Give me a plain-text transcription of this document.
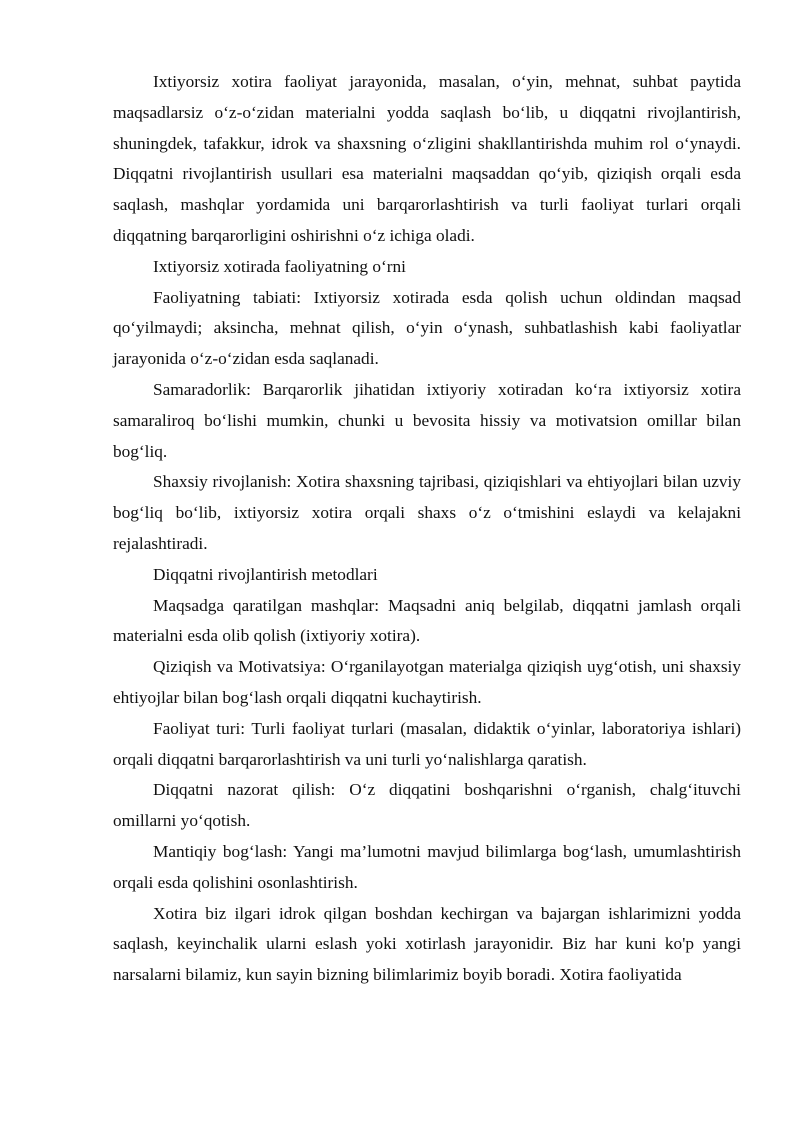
Ixtiyorsiz xotira faoliyat jarayonida, masalan, o‘yin, mehnat, suhbat paytida maqsadlarsiz o‘z-o‘zidan materialni yodda saqlash bo‘lib, u diqqatni rivojlantirish, shuningdek, tafakkur, idrok va shaxsning o‘zligini shakllantirishda muhim rol o‘ynaydi. Diqqatni rivojlantirish usullari esa materialni maqsaddan qo‘yib, qiziqish orqali esda saqlash, mashqlar yordamida uni barqarorlashtirish va turli faoliyat turlari orqali diqqatning barqarorligini oshirishni o‘z ichiga oladi.

Ixtiyorsiz xotirada faoliyatning o‘rni

Faoliyatning tabiati: Ixtiyorsiz xotirada esda qolish uchun oldindan maqsad qo‘yilmaydi; aksincha, mehnat qilish, o‘yin o‘ynash, suhbatlashish kabi faoliyatlar jarayonida o‘z-o‘zidan esda saqlanadi.

Samaradorlik: Barqarorlik jihatidan ixtiyoriy xotiradan ko‘ra ixtiyorsiz xotira samaraliroq bo‘lishi mumkin, chunki u bevosita hissiy va motivatsion omillar bilan bog‘liq.

Shaxsiy rivojlanish: Xotira shaxsning tajribasi, qiziqishlari va ehtiyojlari bilan uzviy bog‘liq bo‘lib, ixtiyorsiz xotira orqali shaxs o‘z o‘tmishini eslaydi va kelajakni rejalashtiradi.

Diqqatni rivojlantirish metodlari

Maqsadga qaratilgan mashqlar: Maqsadni aniq belgilab, diqqatni jamlash orqali materialni esda olib qolish (ixtiyoriy xotira).

Qiziqish va Motivatsiya: O‘rganilayotgan materialga qiziqish uyg‘otish, uni shaxsiy ehtiyojlar bilan bog‘lash orqali diqqatni kuchaytirish.

Faoliyat turi: Turli faoliyat turlari (masalan, didaktik o‘yinlar, laboratoriya ishlari) orqali diqqatni barqarorlashtirish va uni turli yo‘nalishlarga qaratish.

Diqqatni nazorat qilish: O‘z diqqatini boshqarishni o‘rganish, chalg‘ituvchi omillarni yo‘qotish.

Mantiqiy bog‘lash: Yangi ma’lumotni mavjud bilimlarga bog‘lash, umumlashtirish orqali esda qolishini osonlashtirish.

Xotira biz ilgari idrok qilgan boshdan kechirgan va bajargan ishlarimizni yodda saqlash, keyinchalik ularni eslash yoki xotirlash jarayonidir. Biz har kuni ko'p yangi narsalarni bilamiz, kun sayin bizning bilimlarimiz boyib boradi. Xotira faoliyatida
